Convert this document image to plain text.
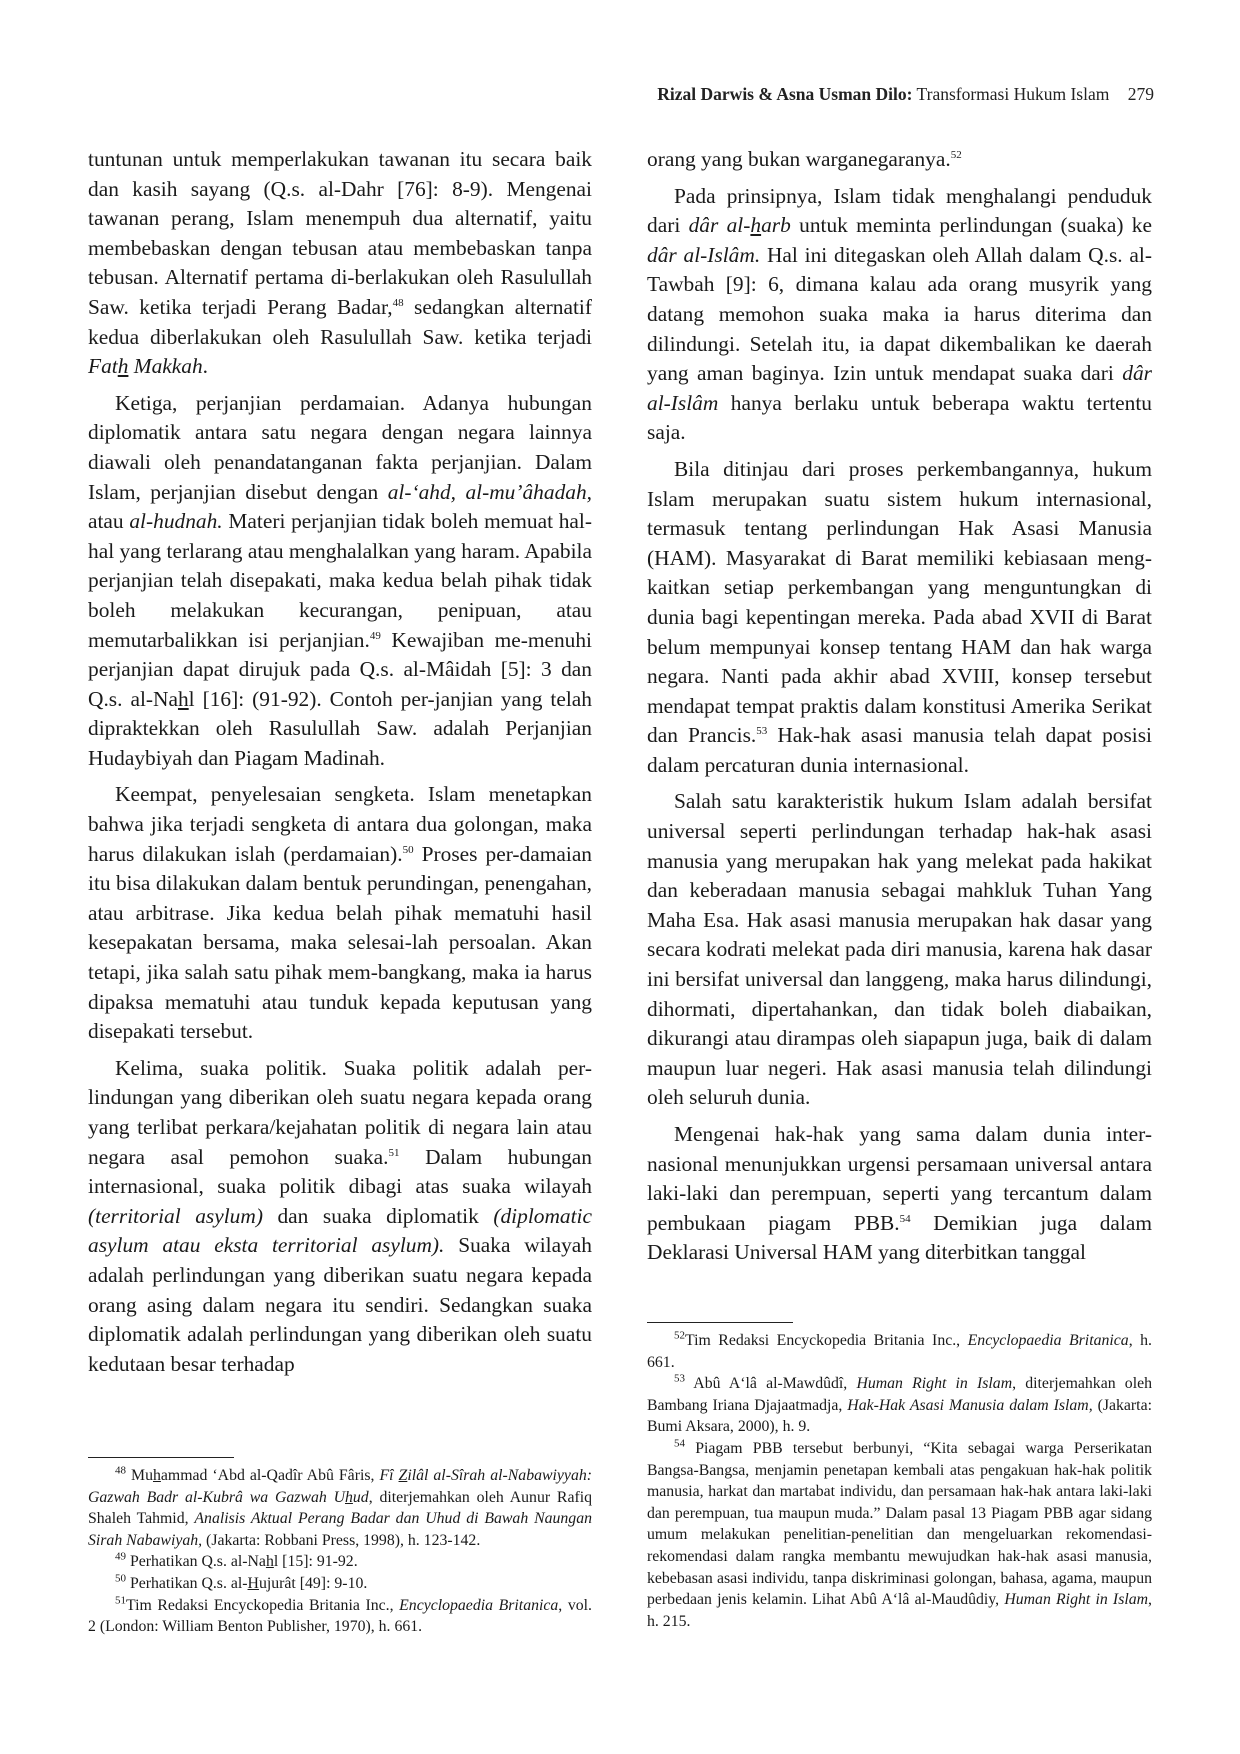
Rizal Darwis & Asna Usman Dilo: Transformasi Hukum Islam 279

tuntunan untuk memperlakukan tawanan itu secara baik dan kasih sayang (Q.s. al-Dahr [76]: 8-9). Mengenai tawanan perang, Islam menempuh dua alternatif, yaitu membebaskan dengan tebusan atau membebaskan tanpa tebusan. Alternatif pertama di-berlakukan oleh Rasulullah Saw. ketika terjadi Perang Badar,$^{48}$ sedangkan alternatif kedua diberlakukan oleh Rasulullah Saw. ketika terjadi Fath Makkah.

Ketiga, perjanjian perdamaian. Adanya hubungan diplomatik antara satu negara dengan negara lainnya diawali oleh penandatanganan fakta perjanjian. Dalam Islam, perjanjian disebut dengan al-‘ahd, al-mu’âhadah, atau al-hudnah. Materi perjanjian tidak boleh memuat hal-hal yang terlarang atau menghalalkan yang haram. Apabila perjanjian telah disepakati, maka kedua belah pihak tidak boleh melakukan kecurangan, penipuan, atau memutarbalikkan isi perjanjian.$^{49}$ Kewajiban me-menuhi perjanjian dapat dirujuk pada Q.s. al-Mâidah [5]: 3 dan Q.s. al-Nahl [16]: (91-92). Contoh per-janjian yang telah dipraktekkan oleh Rasulullah Saw. adalah Perjanjian Hudaybiyah dan Piagam Madinah.

Keempat, penyelesaian sengketa. Islam menetapkan bahwa jika terjadi sengketa di antara dua golongan, maka harus dilakukan islah (perdamaian).$^{50}$ Proses per-damaian itu bisa dilakukan dalam bentuk perundingan, penengahan, atau arbitrase. Jika kedua belah pihak mematuhi hasil kesepakatan bersama, maka selesai-lah persoalan. Akan tetapi, jika salah satu pihak mem-bangkang, maka ia harus dipaksa mematuhi atau tunduk kepada keputusan yang disepakati tersebut.

Kelima, suaka politik. Suaka politik adalah per-lindungan yang diberikan oleh suatu negara kepada orang yang terlibat perkara/kejahatan politik di negara lain atau negara asal pemohon suaka.$^{51}$ Dalam hubungan internasional, suaka politik dibagi atas suaka wilayah (territorial asylum) dan suaka diplomatik (diplomatic asylum atau eksta territorial asylum). Suaka wilayah adalah perlindungan yang diberikan suatu negara kepada orang asing dalam negara itu sendiri. Sedangkan suaka diplomatik adalah perlindungan yang diberikan oleh suatu kedutaan besar terhadap

orang yang bukan warganegaranya.$^{52}$

Pada prinsipnya, Islam tidak menghalangi penduduk dari dâr al-harb untuk meminta perlindungan (suaka) ke dâr al-Islâm. Hal ini ditegaskan oleh Allah dalam Q.s. al-Tawbah [9]: 6, dimana kalau ada orang musyrik yang datang memohon suaka maka ia harus diterima dan dilindungi. Setelah itu, ia dapat dikembalikan ke daerah yang aman baginya. Izin untuk mendapat suaka dari dâr al-Islâm hanya berlaku untuk beberapa waktu tertentu saja.

Bila ditinjau dari proses perkembangannya, hukum Islam merupakan suatu sistem hukum internasional, termasuk tentang perlindungan Hak Asasi Manusia (HAM). Masyarakat di Barat memiliki kebiasaan meng-kaitkan setiap perkembangan yang menguntungkan di dunia bagi kepentingan mereka. Pada abad XVII di Barat belum mempunyai konsep tentang HAM dan hak warga negara. Nanti pada akhir abad XVIII, konsep tersebut mendapat tempat praktis dalam konstitusi Amerika Serikat dan Prancis.$^{53}$ Hak-hak asasi manusia telah dapat posisi dalam percaturan dunia internasional.

Salah satu karakteristik hukum Islam adalah bersifat universal seperti perlindungan terhadap hak-hak asasi manusia yang merupakan hak yang melekat pada hakikat dan keberadaan manusia sebagai mahkluk Tuhan Yang Maha Esa. Hak asasi manusia merupakan hak dasar yang secara kodrati melekat pada diri manusia, karena hak dasar ini bersifat universal dan langgeng, maka harus dilindungi, dihormati, dipertahankan, dan tidak boleh diabaikan, dikurangi atau dirampas oleh siapapun juga, baik di dalam maupun luar negeri. Hak asasi manusia telah dilindungi oleh seluruh dunia.

Mengenai hak-hak yang sama dalam dunia inter-nasional menunjukkan urgensi persamaan universal antara laki-laki dan perempuan, seperti yang tercantum dalam pembukaan piagam PBB.$^{54}$ Demikian juga dalam Deklarasi Universal HAM yang diterbitkan tanggal

$^{48}$ Muhammad ‘Abd al-Qadîr Abû Fâris, Fî Zilâl al-Sîrah al-Nabawiyyah: Gazwah Badr al-Kubrâ wa Gazwah Uhud, diterjemahkan oleh Aunur Rafiq Shaleh Tahmid, Analisis Aktual Perang Badar dan Uhud di Bawah Naungan Sirah Nabawiyah, (Jakarta: Robbani Press, 1998), h. 123-142.

$^{49}$ Perhatikan Q.s. al-Nahl [15]: 91-92.

$^{50}$ Perhatikan Q.s. al-Hujurât [49]: 9-10.

$^{51}$Tim Redaksi Encyckopedia Britania Inc., Encyclopaedia Britanica, vol. 2 (London: William Benton Publisher, 1970), h. 661.

$^{52}$Tim Redaksi Encyckopedia Britania Inc., Encyclopaedia Britanica, h. 661.

$^{53}$ Abû A‘lâ al-Mawdûdî, Human Right in Islam, diterjemahkan oleh Bambang Iriana Djajaatmadja, Hak-Hak Asasi Manusia dalam Islam, (Jakarta: Bumi Aksara, 2000), h. 9.

$^{54}$ Piagam PBB tersebut berbunyi, “Kita sebagai warga Perserikatan Bangsa-Bangsa, menjamin penetapan kembali atas pengakuan hak-hak politik manusia, harkat dan martabat individu, dan persamaan hak-hak antara laki-laki dan perempuan, tua maupun muda.” Dalam pasal 13 Piagam PBB agar sidang umum melakukan penelitian-penelitian dan mengeluarkan rekomendasi-rekomendasi dalam rangka membantu mewujudkan hak-hak asasi manusia, kebebasan asasi individu, tanpa diskriminasi golongan, bahasa, agama, maupun perbedaan jenis kelamin. Lihat Abû A‘lâ al-Maudûdiy, Human Right in Islam, h. 215.
